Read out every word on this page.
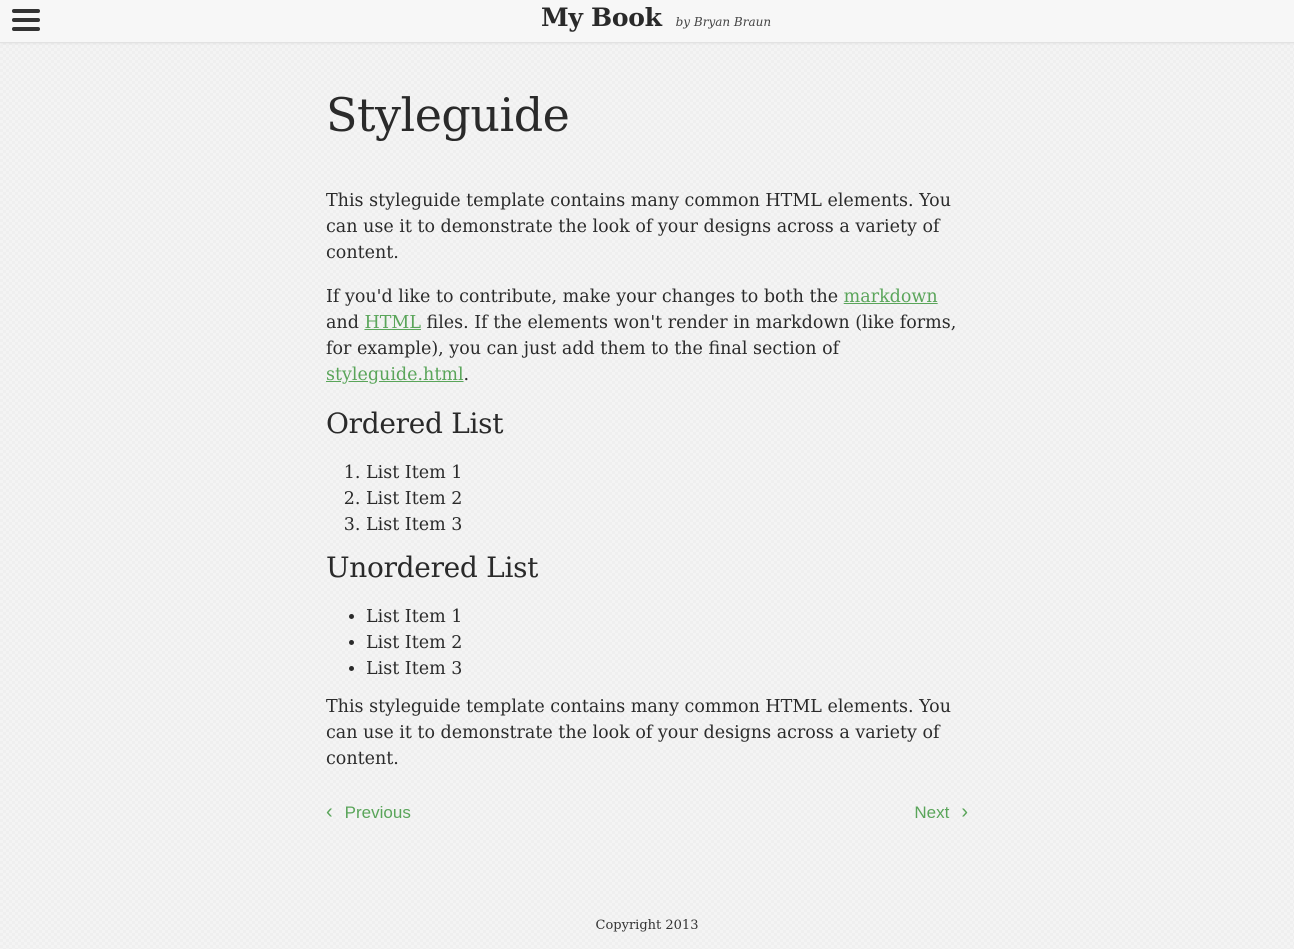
My Book by Bryan Braun
Styleguide

This styleguide template contains many common HTML elements. You can use it to demonstrate the look of your designs across a variety of content.

If you'd like to contribute, make your changes to both the markdown and HTML files. If the elements won't render in markdown (like forms, for example), you can just add them to the final section of styleguide.html.

Ordered List
1. List Item 1
2. List Item 2
3. List Item 3
Unordered List
• List Item 1
• List Item 2
• List Item 3

This styleguide template contains many common HTML elements. You can use it to demonstrate the look of your designs across a variety of content.

‹ Previous	Next ›
Copyright 2013
